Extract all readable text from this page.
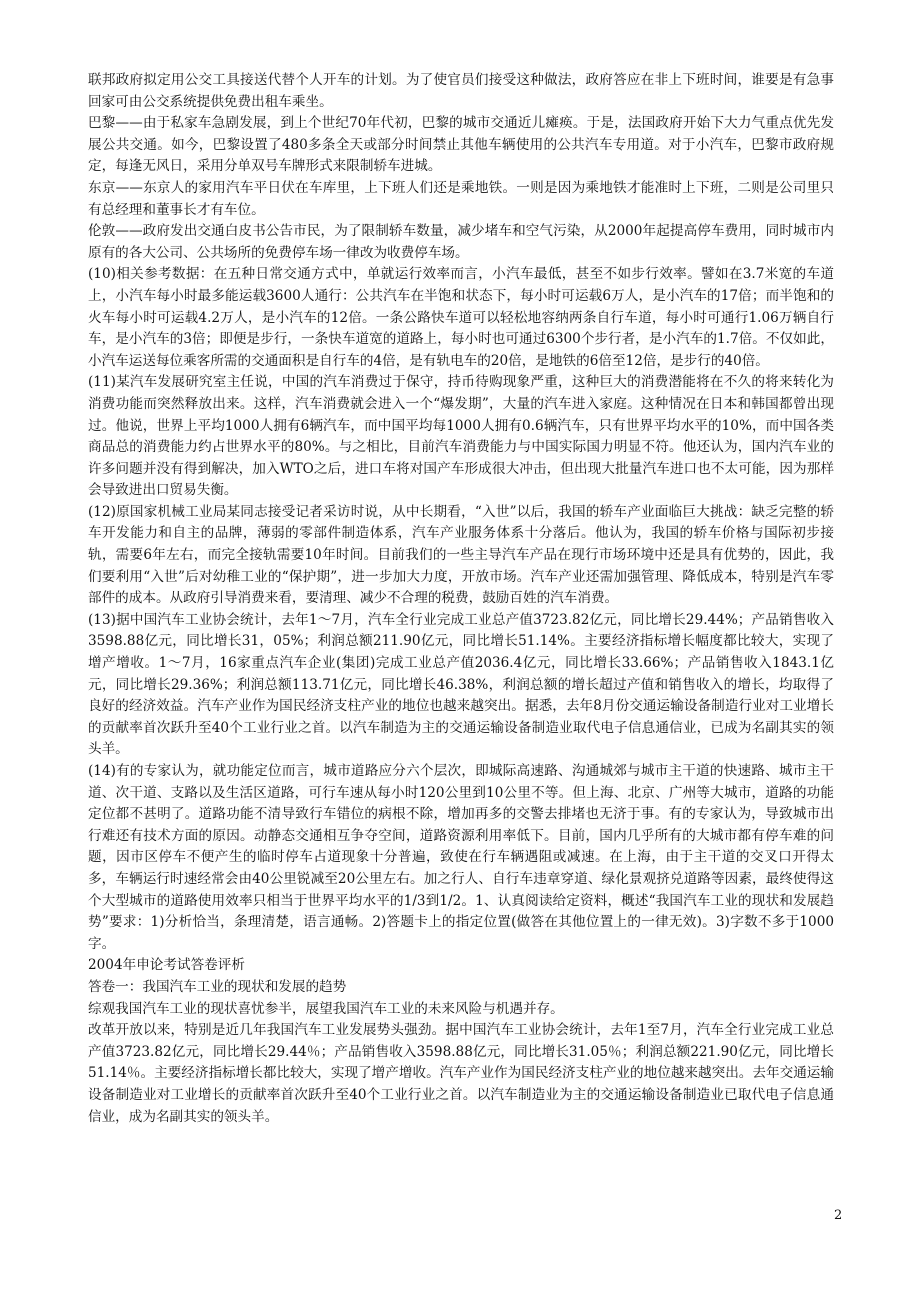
联邦政府拟定用公交工具接送代替个人开车的计划。为了使官员们接受这种做法，政府答应在非上下班时间，谁要是有急事回家可由公交系统提供免费出租车乘坐。

巴黎——由于私家车急剧发展，到上个世纪70年代初，巴黎的城市交通近儿瘫痪。于是，法国政府开始下大力气重点优先发展公共交通。如今，巴黎设置了480多条全天或部分时间禁止其他车辆使用的公共汽车专用道。对于小汽车，巴黎市政府规定，每逢无风日，采用分单双号车牌形式来限制轿车进城。

东京——东京人的家用汽车平日伏在车库里，上下班人们还是乘地铁。一则是因为乘地铁才能准时上下班，二则是公司里只有总经理和董事长才有车位。

伦敦——政府发出交通白皮书公告市民，为了限制轿车数量，减少堵车和空气污染，从2000年起提高停车费用，同时城市内原有的各大公司、公共场所的免费停车场一律改为收费停车场。

(10)相关参考数据：在五种日常交通方式中，单就运行效率而言，小汽车最低，甚至不如步行效率。譬如在3.7米宽的车道上，小汽车每小时最多能运载3600人通行：公共汽车在半饱和状态下，每小时可运载6万人，是小汽车的17倍；而半饱和的火车每小时可运载4.2万人，是小汽车的12倍。一条公路快车道可以轻松地容纳两条自行车道，每小时可通行1.06万辆自行车，是小汽车的3倍；即便是步行，一条快车道宽的道路上，每小时也可通过6300个步行者，是小汽车的1.7倍。不仅如此，小汽车运送每位乘客所需的交通面积是自行车的4倍，是有轨电车的20倍，是地铁的6倍至12倍，是步行的40倍。

(11)某汽车发展研究室主任说，中国的汽车消费过于保守，持币待购现象严重，这种巨大的消费潜能将在不久的将来转化为消费功能而突然释放出来。这样，汽车消费就会进入一个“爆发期”，大量的汽车进入家庭。这种情况在日本和韩国都曾出现过。他说，世界上平均1000人拥有6辆汽车，而中国平均每1000人拥有0.6辆汽车，只有世界平均水平的10%，而中国各类商品总的消费能力约占世界水平的80%。与之相比，目前汽车消费能力与中国实际国力明显不符。他还认为，国内汽车业的许多问题并没有得到解决，加入WTO之后，进口车将对国产车形成很大冲击，但出现大批量汽车进口也不太可能，因为那样会导致进出口贸易失衡。

(12)原国家机械工业局某同志接受记者采访时说，从中长期看，“入世”以后，我国的轿车产业面临巨大挑战：缺乏完整的轿车开发能力和自主的品牌，薄弱的零部件制造体系，汽车产业服务体系十分落后。他认为，我国的轿车价格与国际初步接轨，需要6年左右，而完全接轨需要10年时间。目前我们的一些主导汽车产品在现行市场环境中还是具有优势的，因此，我们要利用“入世”后对幼稚工业的“保护期”，进一步加大力度，开放市场。汽车产业还需加强管理、降低成本，特别是汽车零部件的成本。从政府引导消费来看，要清理、减少不合理的税费，鼓励百姓的汽车消费。

(13)据中国汽车工业协会统计，去年1～7月，汽车全行业完成工业总产值3723.82亿元，同比增长29.44%；产品销售收入3598.88亿元，同比增长31，05%；利润总额211.90亿元，同比增长51.14%。主要经济指标增长幅度都比较大，实现了增产增收。1～7月，16家重点汽车企业(集团)完成工业总产值2036.4亿元，同比增长33.66%；产品销售收入1843.1亿元，同比增长29.36%；利润总额113.71亿元，同比增长46.38%，利润总额的增长超过产值和销售收入的增长，均取得了良好的经济效益。汽车产业作为国民经济支柱产业的地位也越来越突出。据悉，去年8月份交通运输设备制造行业对工业增长的贡献率首次跃升至40个工业行业之首。以汽车制造为主的交通运输设备制造业取代电子信息通信业，已成为名副其实的领头羊。

(14)有的专家认为，就功能定位而言，城市道路应分六个层次，即城际高速路、沟通城郊与城市主干道的快速路、城市主干道、次干道、支路以及生活区道路，可行车速从每小时120公里到10公里不等。但上海、北京、广州等大城市，道路的功能定位都不甚明了。道路功能不清导致行车错位的病根不除，增加再多的交警去排堵也无济于事。有的专家认为，导致城市出行难还有技术方面的原因。动静态交通相互争夺空间，道路资源利用率低下。目前，国内几乎所有的大城市都有停车难的问题，因市区停车不便产生的临时停车占道现象十分普遍，致使在行车辆遇阻或减速。在上海，由于主干道的交叉口开得太多，车辆运行时速经常会由40公里锐减至20公里左右。加之行人、自行车违章穿道、绿化景观挤兑道路等因素，最终使得这个大型城市的道路使用效率只相当于世界平均水平的1/3到1/2。1、认真阅读给定资料，概述“我国汽车工业的现状和发展趋势”要求：1)分析恰当，条理清楚，语言通畅。2)答题卡上的指定位置(做答在其他位置上的一律无效)。3)字数不多于1000字。

2004年申论考试答卷评析

答卷一：我国汽车工业的现状和发展的趋势

综观我国汽车工业的现状喜忧参半，展望我国汽车工业的未来风险与机遇并存。

改革开放以来，特别是近几年我国汽车工业发展势头强劲。据中国汽车工业协会统计，去年1至7月，汽车全行业完成工业总产值3723.82亿元，同比增长29.44％；产品销售收入3598.88亿元，同比增长31.05％；利润总额221.90亿元，同比增长51.14％。主要经济指标增长都比较大，实现了增产增收。汽车产业作为国民经济支柱产业的地位越来越突出。去年交通运输设备制造业对工业增长的贡献率首次跃升至40个工业行业之首。以汽车制造业为主的交通运输设备制造业已取代电子信息通信业，成为名副其实的领头羊。

2
